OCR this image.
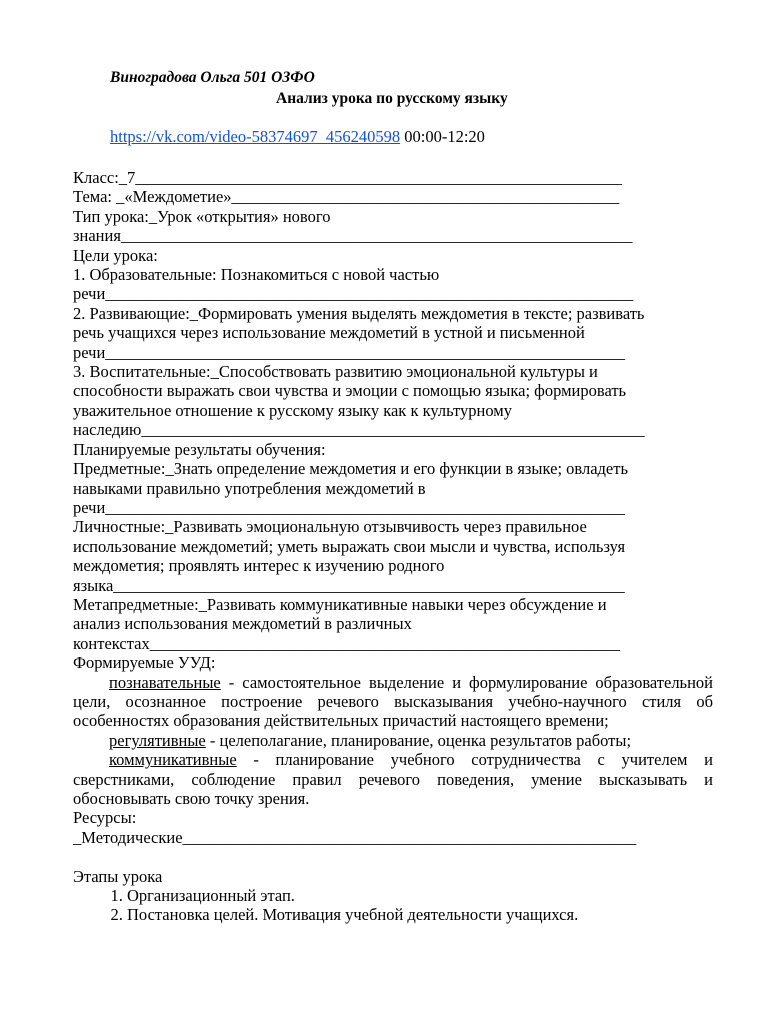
Виноградова Ольга 501 ОЗФО
Анализ урока по русскому языку
https://vk.com/video-58374697_456240598 00:00-12:20
Класс:_7___________________________________________________________
Тема: _«Междометие»_______________________________________________
Тип урока:_Урок «открытия» нового
знания______________________________________________________________
Цели урока:
1. Образовательные: Познакомиться с новой частью
речи________________________________________________________________
2. Развивающие:_Формировать умения выделять междометия в тексте; развивать
речь учащихся через использование междометий в устной и письменной
речи_______________________________________________________________
3. Воспитательные:_Способствовать развитию эмоциональной культуры и
способности выражать свои чувства и эмоции с помощью языка; формировать
уважительное отношение к русскому языку как к культурному
наследию_____________________________________________________________
Планируемые результаты обучения:
Предметные:_Знать определение междометия и его функции в языке; овладеть
навыками правильно употребления междометий в
речи_______________________________________________________________
Личностные:_Развивать эмоциональную отзывчивость через правильное
использование междометий; уметь выражать свои мысли и чувства, используя
междометия; проявлять интерес к изучению родного
языка______________________________________________________________
Метапредметные:_Развивать коммуникативные навыки через обсуждение и
анализ использования междометий в различных
контекстах_________________________________________________________
Формируемые УУД:
познавательные - самостоятельное выделение и формулирование образовательной цели, осознанное построение речевого высказывания учебно-научного стиля об особенностях образования действительных причастий настоящего времени;
регулятивные - целеполагание, планирование, оценка результатов работы;
коммуникативные - планирование учебного сотрудничества с учителем и сверстниками, соблюдение правил речевого поведения, умение высказывать и обосновывать свою точку зрения.
Ресурсы:
_Методические_______________________________________________________
Этапы урока
1. Организационный этап.
2. Постановка целей. Мотивация учебной деятельности учащихся.
